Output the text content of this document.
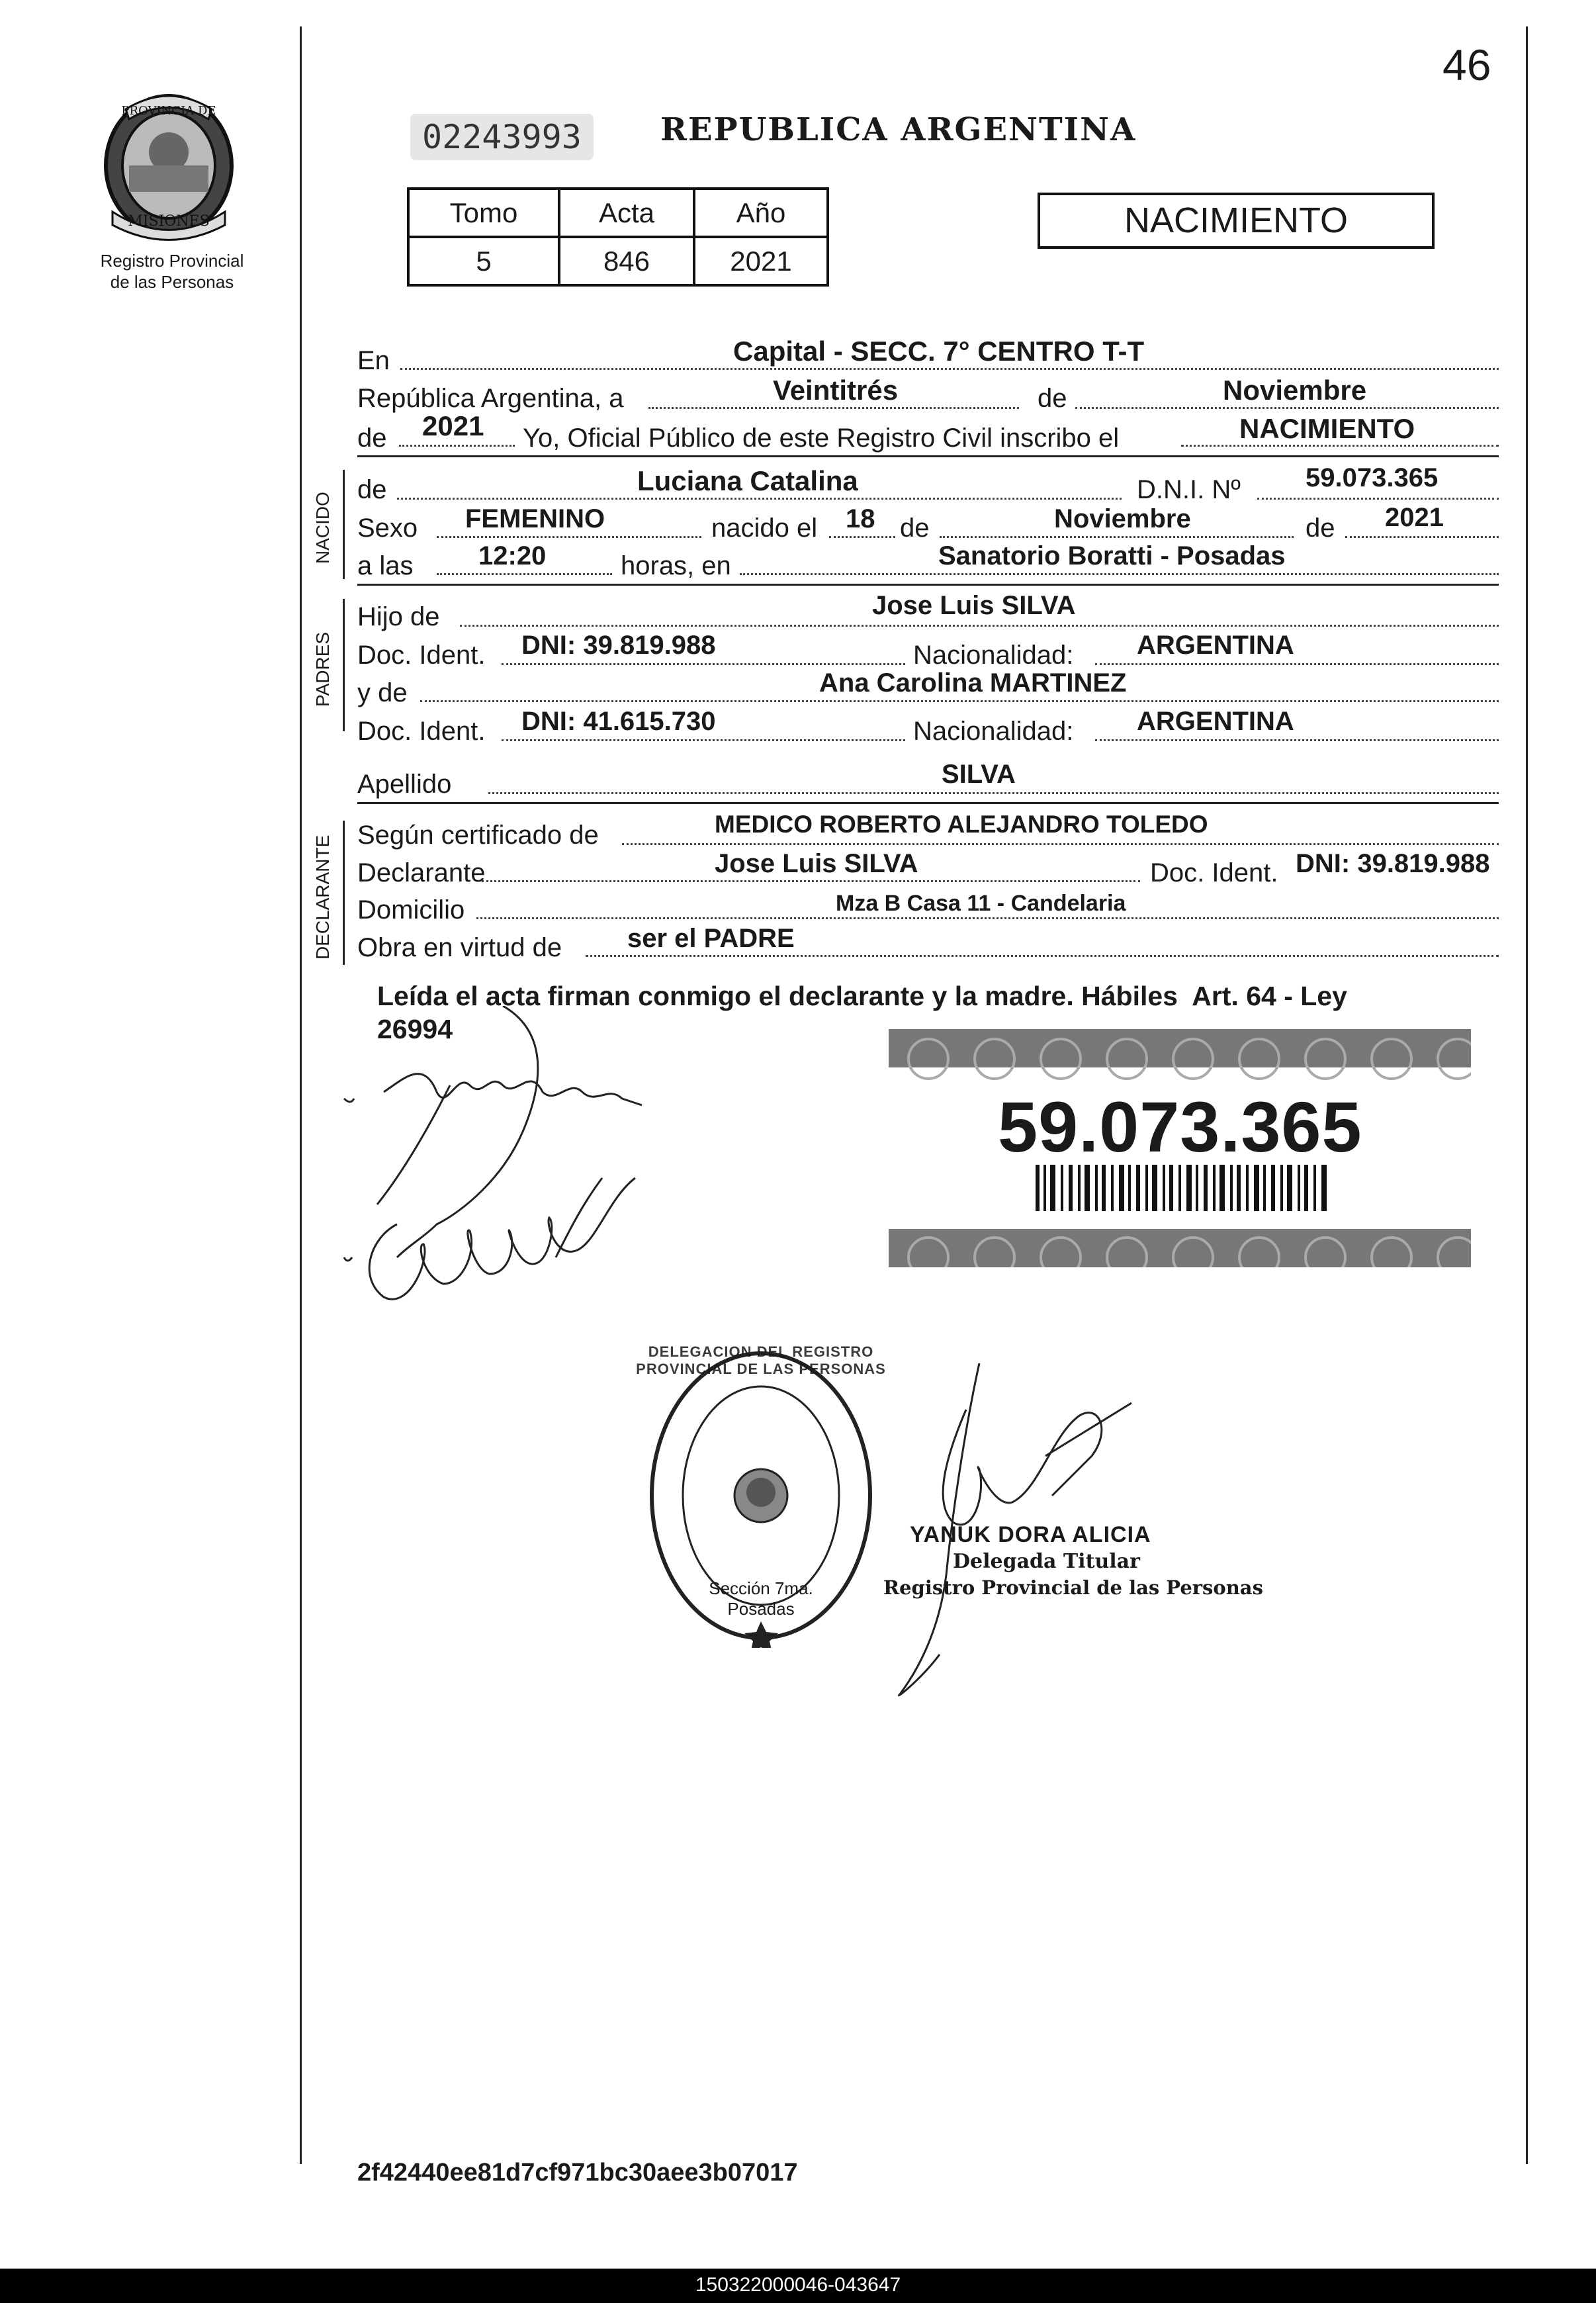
46
PROVINCIA DE
MISIONES
Registro Provincial
de las Personas
02243993	REPUBLICA ARGENTINA
Tomo	Acta	Año
5	846	2021
NACIMIENTO
En	Capital - SECC. 7° CENTRO T-T
República Argentina, a	Veintitrés	de	Noviembre
de 2021 Yo, Oficial Público de este Registro Civil inscribo el	NACIMIENTO
NACIDO
de	Luciana Catalina	D.N.I. Nº 59.073.365
Sexo FEMENINO	nacido el 18 de	Noviembre	de 2021
a las 12:20	horas, en	Sanatorio Boratti - Posadas
PADRES
Hijo de	Jose Luis SILVA
Doc. Ident. DNI: 39.819.988	Nacionalidad: ARGENTINA
y de	Ana Carolina MARTINEZ
Doc. Ident. DNI: 41.615.730	Nacionalidad: ARGENTINA
Apellido	SILVA
DECLARANTE Según certificado de	MEDICO ROBERTO ALEJANDRO TOLEDO
Declarante	Jose Luis SILVA	Doc. Ident. DNI: 39.819.988
Domicilio	Mza B Casa 11 - Candelaria
Obra en virtud de ser el PADRE
Leída el acta firman conmigo el declarante y la madre. Hábiles  Art. 64 - Ley
26994
59.073.365
DELEGACION DEL REGISTRO PROVINCIAL DE LAS PERSONAS
Sección 7ma. Posadas
YANUK DORA ALICIA
Delegada Titular
Registro Provincial de las Personas
2f42440ee81d7cf971bc30aee3b07017
150322000046-043647
